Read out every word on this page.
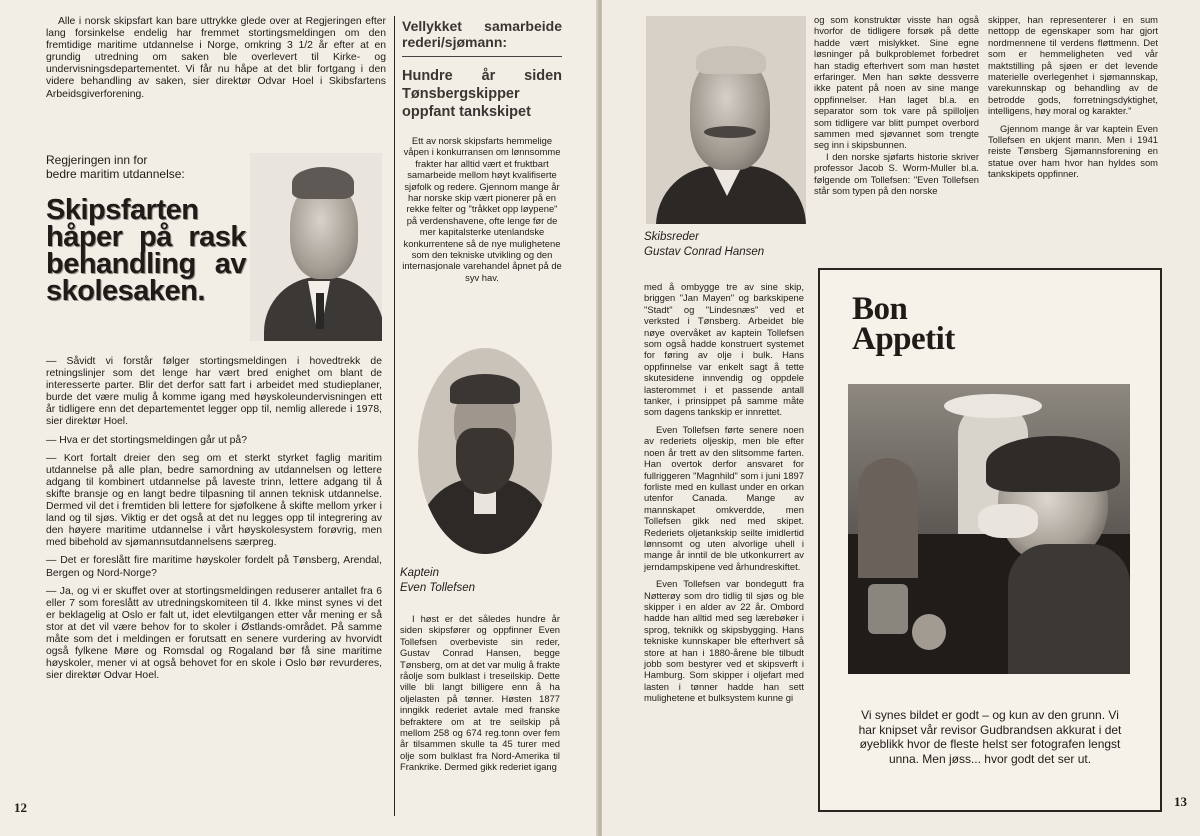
Alle i norsk skipsfart kan bare uttrykke glede over at Regjeringen efter lang forsinkelse endelig har fremmet stortingsmeldingen om den fremtidige maritime utdannelse i Norge, omkring 3 1/2 år efter at en grundig utredning om saken ble overlevert til Kirke- og undervisningsdepartementet. Vi får nu håpe at det blir fortgang i den videre behandling av saken, sier direktør Odvar Hoel i Skibsfartens Arbeidsgiverforening.

Regjeringen inn for
bedre maritim utdannelse:
Skipsfarten håper på rask behandling av skolesaken.

— Såvidt vi forstår følger stortingsmeldingen i hovedtrekk de retningslinjer som det lenge har vært bred enighet om blant de interesserte parter. Blir det derfor satt fart i arbeidet med studieplaner, burde det være mulig å komme igang med høyskoleundervisningen ett år tidligere enn det departementet legger opp til, nemlig allerede i 1978, sier direktør Hoel.

— Hva er det stortingsmeldingen går ut på?

— Kort fortalt dreier den seg om et sterkt styrket faglig maritim utdannelse på alle plan, bedre samordning av utdannelsen og lettere adgang til kombinert utdannelse på laveste trinn, lettere adgang til å skifte bransje og en langt bedre tilpasning til annen teknisk utdannelse. Dermed vil det i fremtiden bli lettere for sjøfolkene å skifte mellom yrker i land og til sjøs. Viktig er det også at det nu legges opp til integrering av den høyere maritime utdannelse i vårt høyskolesystem forøvrig, men med bibehold av sjømannsutdannelsens særpreg.

— Det er foreslått fire maritime høyskoler fordelt på Tønsberg, Arendal, Bergen og Nord-Norge?

— Ja, og vi er skuffet over at stortingsmeldingen reduserer antallet fra 6 eller 7 som foreslått av utredningskomiteen til 4. Ikke minst synes vi det er beklagelig at Oslo er falt ut, idet elevtilgangen etter vår mening er så stor at det vil være behov for to skoler i Østlands-området. På samme måte som det i meldingen er forutsatt en senere vurdering av hvorvidt også fylkene Møre og Romsdal og Rogaland bør få sine maritime høyskoler, mener vi at også behovet for en skole i Oslo bør revurderes, sier direktør Odvar Hoel.

12
Vellykket samarbeide rederi/sjømann:
Hundre år siden Tønsbergskipper oppfant tankskipet

Ett av norsk skipsfarts hemmelige våpen i konkurransen om lønnsomme frakter har alltid vært et fruktbart samarbeide mellom høyt kvalifiserte sjøfolk og redere. Gjennom mange år har norske skip vært pionerer på en rekke felter og "tråkket opp løypene" på verdenshavene, ofte lenge før de mer kapitalsterke utenlandske konkurrentene så de nye mulighetene som den tekniske utvikling og den internasjonale varehandel åpnet på de syv hav.

Kaptein
Even Tollefsen

I høst er det således hundre år siden skipsfører og oppfinner Even Tollefsen overbeviste sin reder, Gustav Conrad Hansen, begge Tønsberg, om at det var mulig å frakte råolje som bulklast i treseilskip. Dette ville bli langt billigere enn å ha oljelasten på tønner. Høsten 1877 inngikk rederiet avtale med franske befraktere om at tre seilskip på mellom 258 og 674 reg.tonn over fem år tilsammen skulle ta 45 turer med olje som bulklast fra Nord-Amerika til Frankrike. Dermed gikk rederiet igang

Skibsreder
Gustav Conrad Hansen

og som konstruktør visste han også hvorfor de tidligere forsøk på dette hadde vært mislykket. Sine egne løsninger på bulkproblemet forbedret han stadig efterhvert som man høstet erfaringer. Men han søkte dessverre ikke patent på noen av sine mange oppfinnelser. Han laget bl.a. en separator som tok vare på spilloljen som tidligere var blitt pumpet overbord sammen med sjøvannet som trengte seg inn i skipsbunnen.

I den norske sjøfarts historie skriver professor Jacob S. Worm-Muller bl.a. følgende om Tollefsen: "Even Tollefsen står som typen på den norske

med å ombygge tre av sine skip, briggen "Jan Mayen" og barkskipene "Stadt" og "Lindesnæs" ved et verksted i Tønsberg. Arbeidet ble nøye overvåket av kaptein Tollefsen som også hadde konstruert systemet for føring av olje i bulk. Hans oppfinnelse var enkelt sagt å tette skutesidene innvendig og oppdele lasterommet i et passende antall tanker, i prinsippet på samme måte som dagens tankskip er innrettet.

Even Tollefsen førte senere noen av rederiets oljeskip, men ble efter noen år trett av den slitsomme farten. Han overtok derfor ansvaret for fullriggeren "Magnhild" som i juni 1897 forliste med en kullast under en orkan utenfor Canada. Mange av mannskapet omkverdde, men Tollefsen gikk ned med skipet. Rederiets oljetankskip seilte imidlertid lønnsomt og uten alvorlige uhell i mange år inntil de ble utkonkurrert av jerndampskipene ved århundreskiftet.

Even Tollefsen var bondegutt fra Nøtterøy som dro tidlig til sjøs og ble skipper i en alder av 22 år. Ombord hadde han alltid med seg lærebøker i sprog, teknikk og skipsbygging. Hans tekniske kunnskaper ble efterhvert så store at han i 1880-årene ble tilbudt jobb som bestyrer ved et skipsverft i Hamburg. Som skipper i oljefart med lasten i tønner hadde han sett mulighetene et bulksystem kunne gi

skipper, han representerer i en sum nettopp de egenskaper som har gjort nordmennene til verdens fløttmenn. Det som er hemmeligheten ved vår maktstilling på sjøen er det levende materielle overlegenhet i sjømannskap, varekunnskap og behandling av de betrodde gods, forretningsdyktighet, intelligens, høy moral og karakter."

Gjennom mange år var kaptein Even Tollefsen en ukjent mann. Men i 1941 reiste Tønsberg Sjømannsforening en statue over ham hvor han hyldes som tankskipets oppfinner.

Bon
Appetit
Vi synes bildet er godt – og kun av den grunn. Vi har knipset vår revisor Gudbrandsen akkurat i det øyeblikk hvor de fleste helst ser fotografen lengst unna. Men jøss... hvor godt det ser ut.
13
